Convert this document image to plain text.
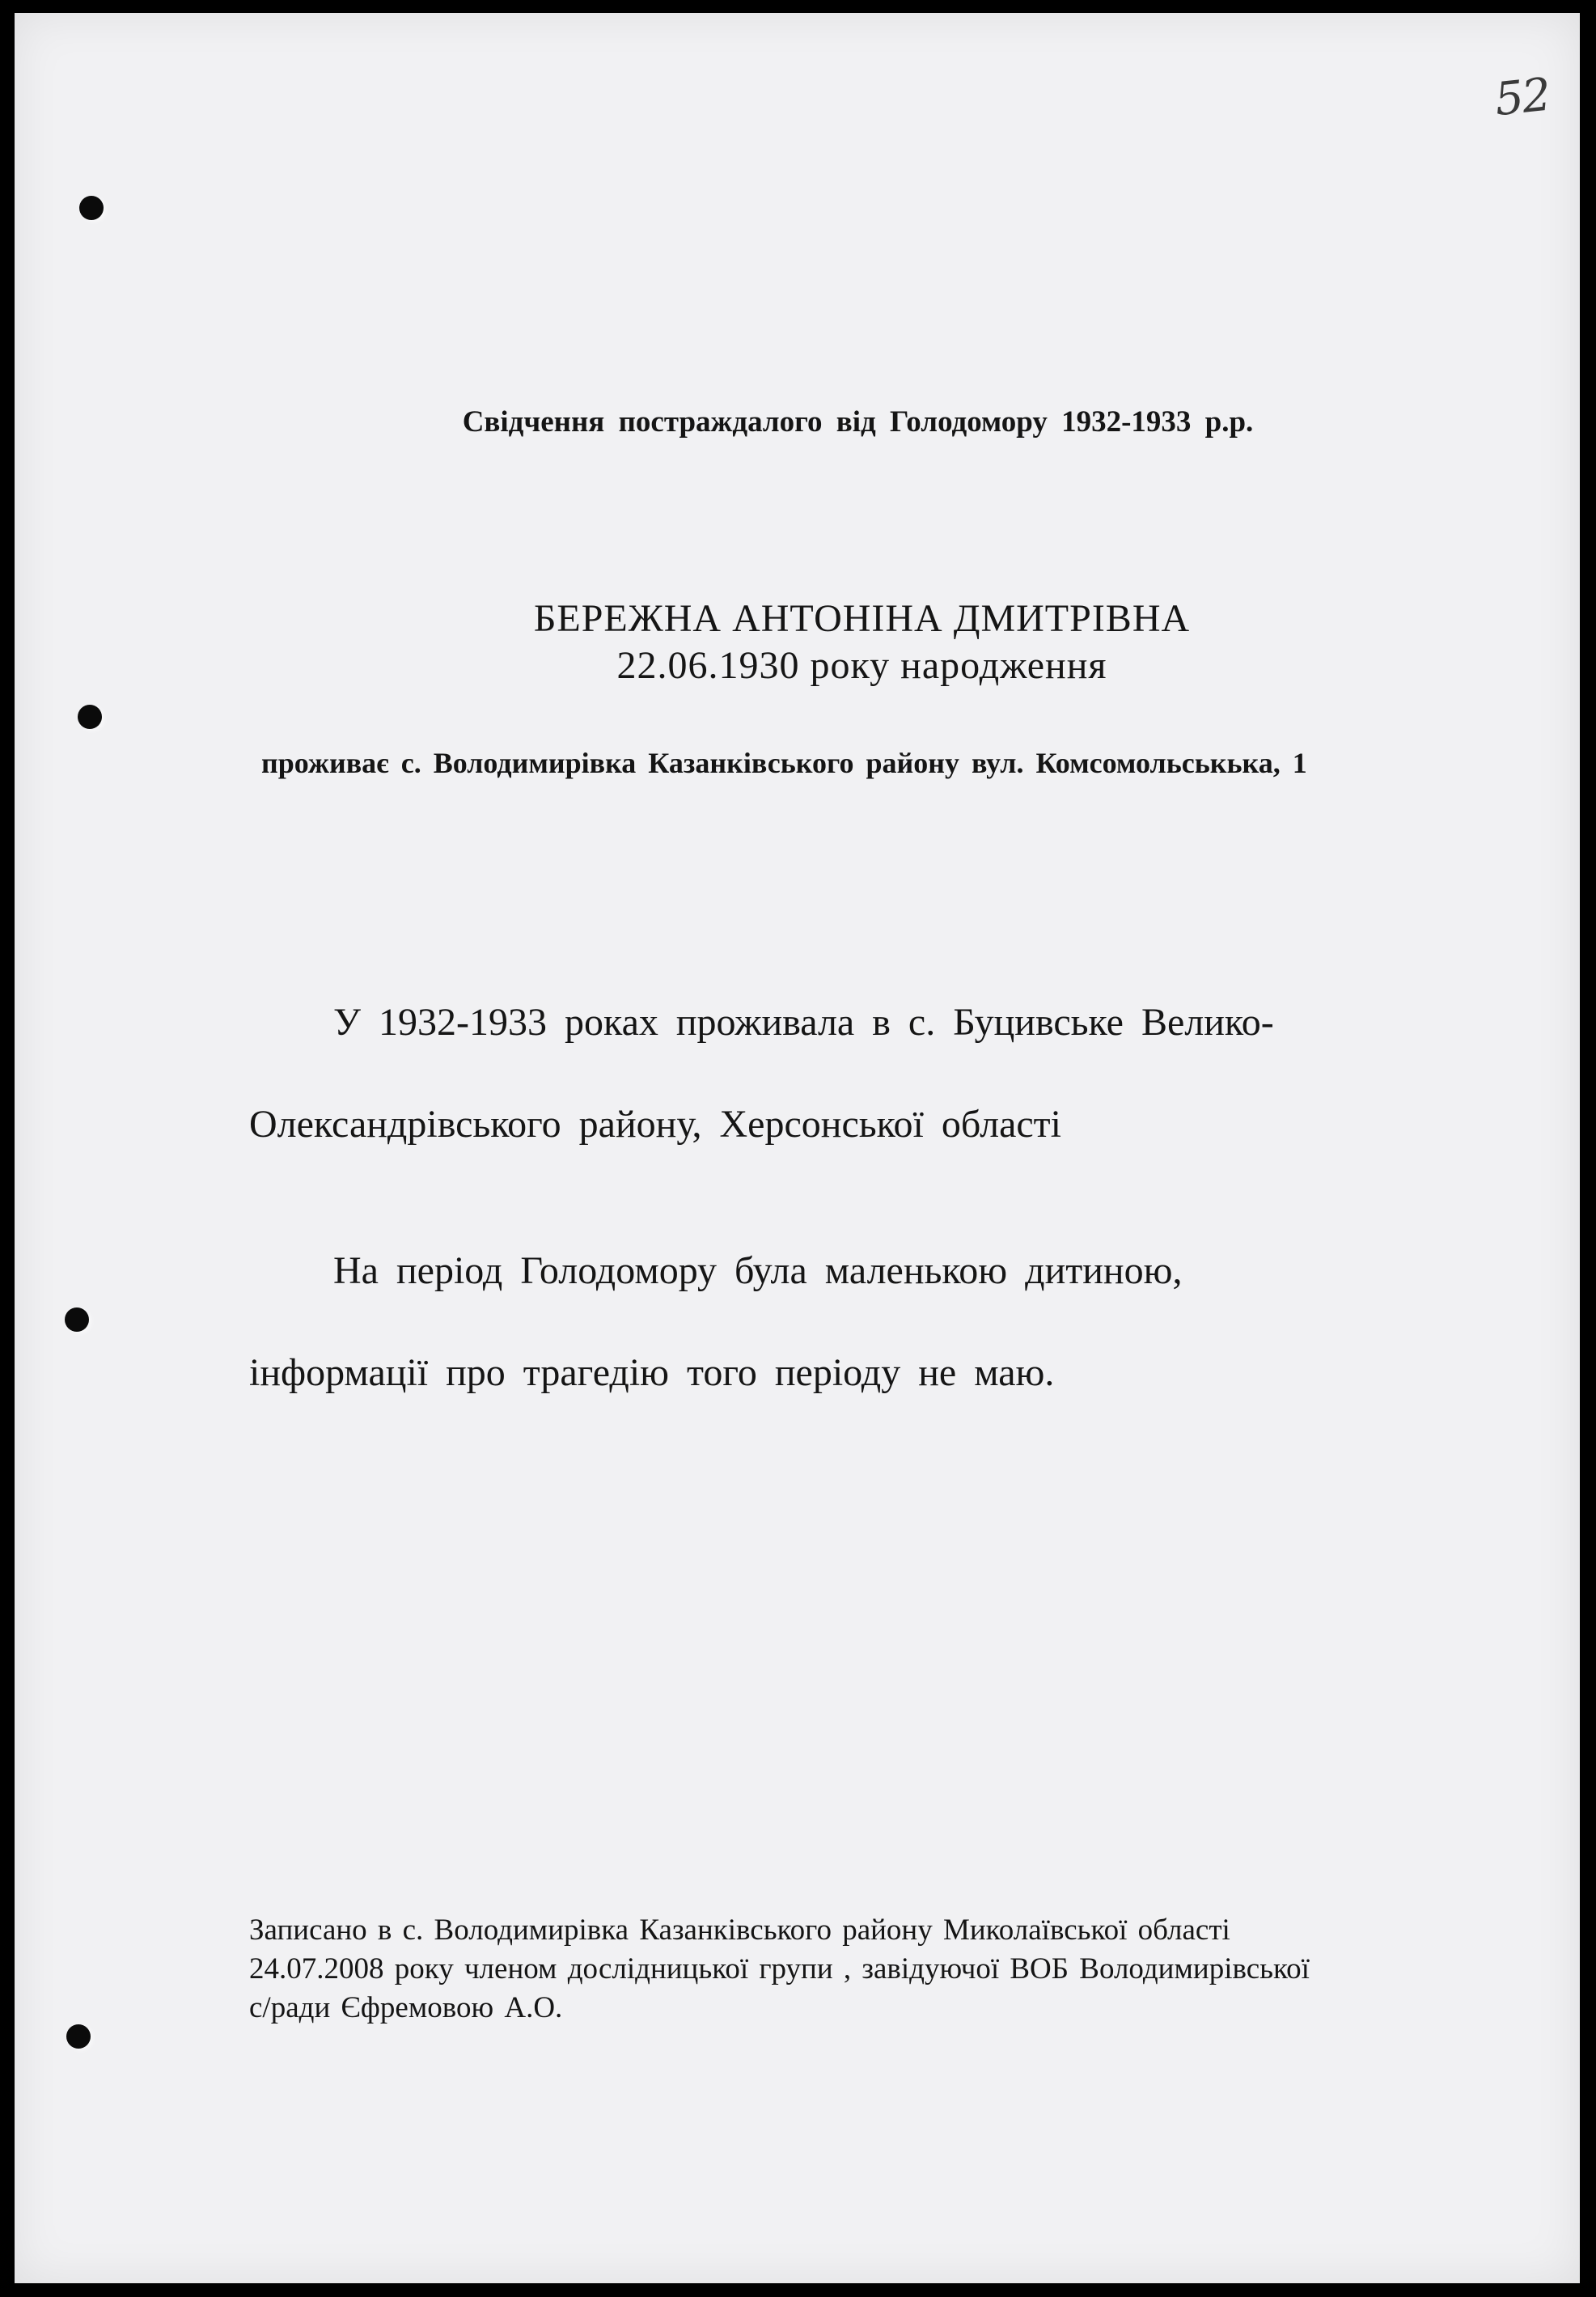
52
Свідчення постраждалого від Голодомору 1932-1933 р.р.
БЕРЕЖНА АНТОНІНА ДМИТРІВНА
22.06.1930 року народження
проживає с. Володимирівка Казанківського району вул. Комсомольськька, 1
У 1932-1933 роках проживала в с. Буцивське Велико-
Олександрівського району, Херсонської області
На період Голодомору була маленькою дитиною,
інформації про трагедію того періоду не маю.
Записано в с. Володимирівка Казанківського району Миколаївської області
24.07.2008 року членом дослідницької групи , завідуючої ВОБ Володимирівської
с/ради Єфремовою А.О.
